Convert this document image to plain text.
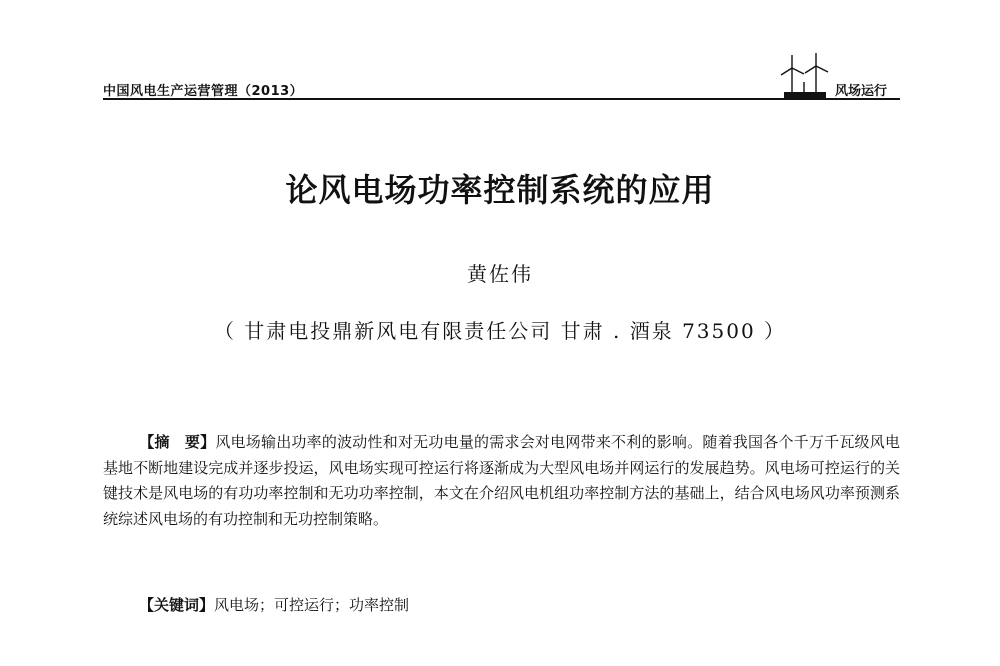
中国风电生产运营管理（2013）	风场运行
论风电场功率控制系统的应用
黄佐伟
（ 甘肃电投鼎新风电有限责任公司 甘肃 . 酒泉 73500 ）
【摘　要】风电场输出功率的波动性和对无功电量的需求会对电网带来不利的影响。随着我国各个千万千瓦级风电基地不断地建设完成并逐步投运，风电场实现可控运行将逐渐成为大型风电场并网运行的发展趋势。风电场可控运行的关键技术是风电场的有功功率控制和无功功率控制，本文在介绍风电机组功率控制方法的基础上，结合风电场风功率预测系统综述风电场的有功控制和无功控制策略。
【关键词】风电场；可控运行；功率控制
